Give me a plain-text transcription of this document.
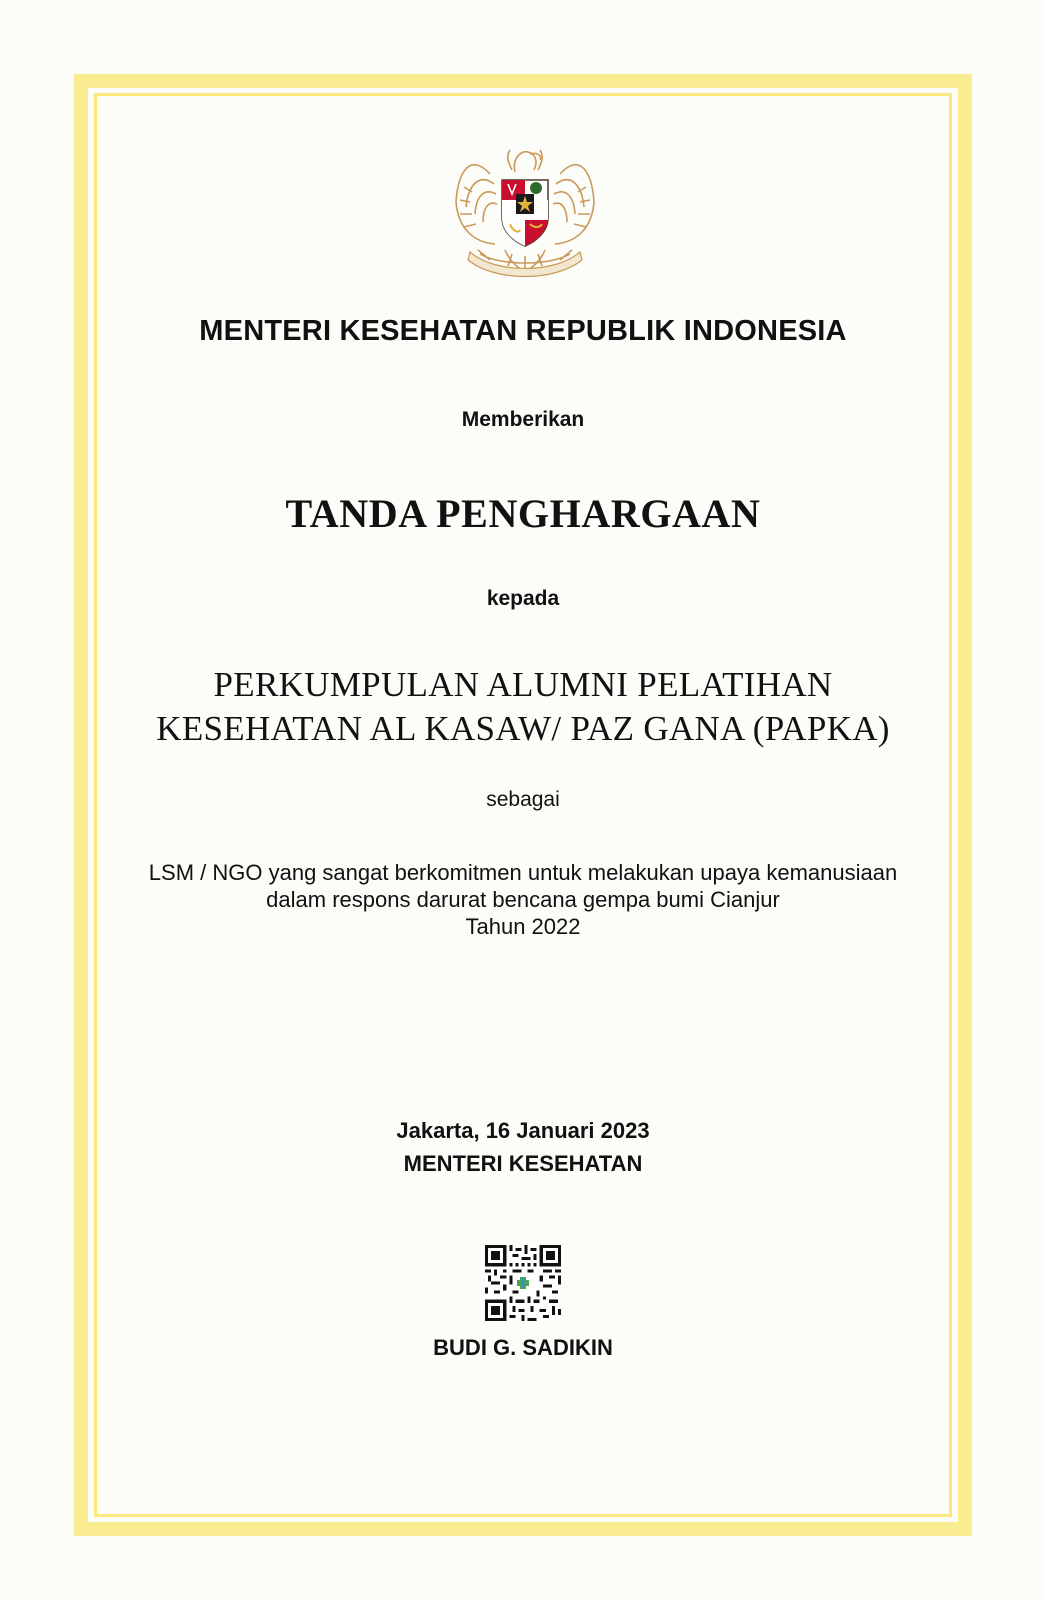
MENTERI KESEHATAN REPUBLIK INDONESIA

Memberikan

TANDA PENGHARGAAN

kepada

PERKUMPULAN ALUMNI PELATIHAN
KESEHATAN AL KASAW/ PAZ GANA (PAPKA)

sebagai

LSM / NGO yang sangat berkomitmen untuk melakukan upaya kemanusiaan
dalam respons darurat bencana gempa bumi Cianjur
Tahun 2022

Jakarta, 16 Januari 2023

MENTERI KESEHATAN

BUDI G. SADIKIN
